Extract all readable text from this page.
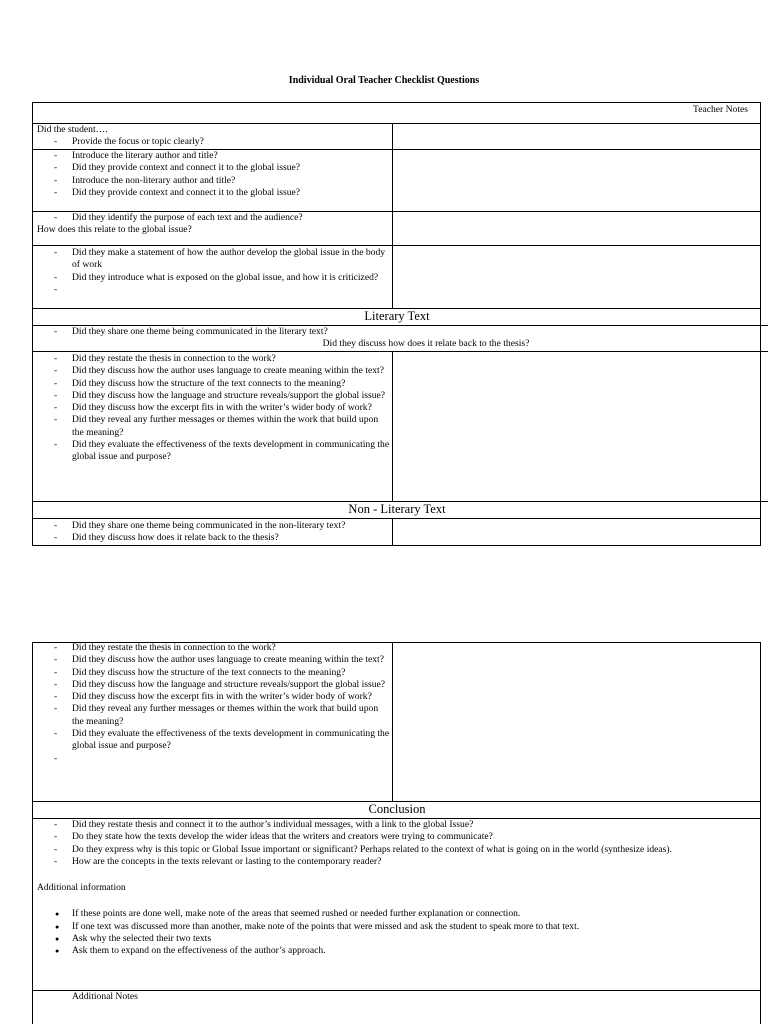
Individual Oral Teacher Checklist Questions
Teacher Notes
Did the student….
- Provide the focus or topic clearly?
- Introduce the literary author and title?
- Did they provide context and connect it to the global issue?
- Introduce the non-literary author and title?
- Did they provide context and connect it to the global issue?
- Did they identify the purpose of each text and the audience?
How does this relate to the global issue?
- Did they make a statement of how the author develop the global issue in the body of work
- Did they introduce what is exposed on the global issue, and how it is criticized?
-
Literary Text
- Did they share one theme being communicated in the literary text?
Did they discuss how does it relate back to the thesis?
- Did they restate the thesis in connection to the work?
- Did they discuss how the author uses language to create meaning within the text?
- Did they discuss how the structure of the text connects to the meaning?
- Did they discuss how the language and structure reveals/support the global issue?
- Did they discuss how the excerpt fits in with the writer’s wider body of work?
- Did they reveal any further messages or themes within the work that build upon the meaning?
- Did they evaluate the effectiveness of the texts development in communicating the global issue and purpose?
Non - Literary Text
- Did they share one theme being communicated in the non-literary text?
- Did they discuss how does it relate back to the thesis?
- Did they restate the thesis in connection to the work?
- Did they discuss how the author uses language to create meaning within the text?
- Did they discuss how the structure of the text connects to the meaning?
- Did they discuss how the language and structure reveals/support the global issue?
- Did they discuss how the excerpt fits in with the writer’s wider body of work?
- Did they reveal any further messages or themes within the work that build upon the meaning?
- Did they evaluate the effectiveness of the texts development in communicating the global issue and purpose?
-
Conclusion
- Did they restate thesis and connect it to the author’s individual messages, with a link to the global Issue?
- Do they state how the texts develop the wider ideas that the writers and creators were trying to communicate?
- Do they express why is this topic or Global Issue important or significant? Perhaps related to the context of what is going on in the world (synthesize ideas).
- How are the concepts in the texts relevant or lasting to the contemporary reader?
Additional information
● If these points are done well, make note of the areas that seemed rushed or needed further explanation or connection.
● If one text was discussed more than another, make note of the points that were missed and ask the student to speak more to that text.
● Ask why the selected their two texts
● Ask them to expand on the effectiveness of the author’s approach.
Additional Notes
